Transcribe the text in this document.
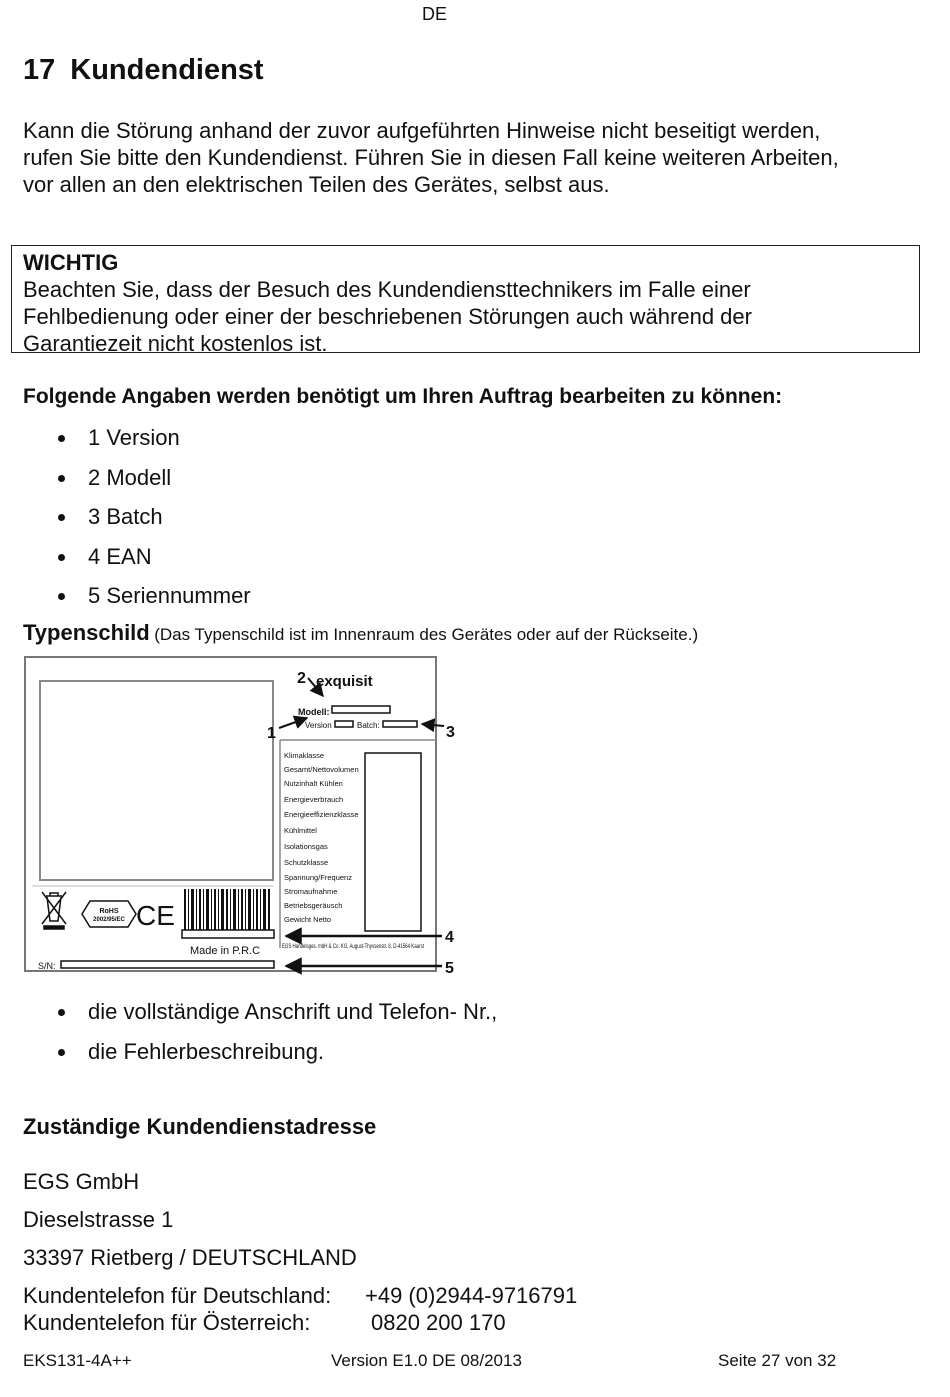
DE
17 Kundendienst
Kann die Störung anhand der zuvor aufgeführten Hinweise nicht beseitigt werden,
rufen Sie bitte den Kundendienst. Führen Sie in diesen Fall keine weiteren Arbeiten,
vor allen an den elektrischen Teilen des Gerätes, selbst aus.
WICHTIG
Beachten Sie, dass der Besuch des Kundendiensttechnikers im Falle einer
Fehlbedienung oder einer der beschriebenen Störungen auch während der
Garantiezeit nicht kostenlos ist.
Folgende Angaben werden benötigt um Ihren Auftrag bearbeiten zu können:
1 Version
2 Modell
3 Batch
4 EAN
5 Seriennummer
Typenschild (Das Typenschild ist im Innenraum des Gerätes oder auf der Rückseite.)
exquisit
2
Modell:
Version	Batch:
1	3
Klimaklasse
Gesamt/Nettovolumen
Nutzinhalt Kühlen
Energieverbrauch
Energieeffizienzklasse
Kühlmittel
Isolationsgas
Schutzklasse
Spannung/Frequenz
Stromaufnahme
Betriebsgeräusch
Gewicht Netto
EGS Handelsges. mbH & Co. KG, August-Thyssenstr. 8, D-41564 Kaarst
4
5
S/N:
RoHS
2002/95/EC CE
Made in P.R.C
die vollständige Anschrift und Telefon- Nr.,
die Fehlerbeschreibung.
Zuständige Kundendienstadresse
EGS GmbH
Dieselstrasse 1
33397 Rietberg / DEUTSCHLAND
Kundentelefon für Deutschland: +49 (0)2944-9716791
Kundentelefon für Österreich:	0820 200 170
EKS131-4A++	Version E1.0 DE 08/2013	Seite 27 von 32
